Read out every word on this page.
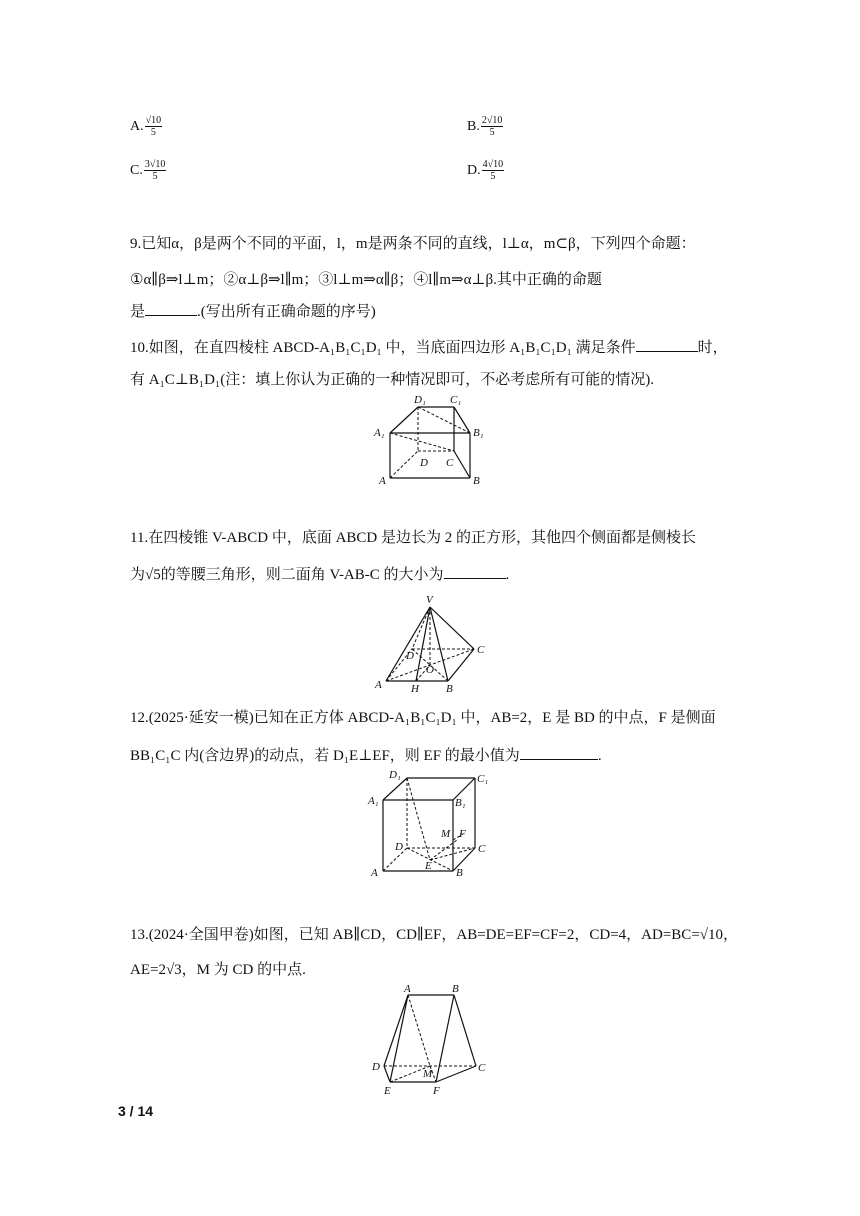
A. $\frac{√10}{5}$	B. $\frac{2√10}{5}$
C. $\frac{3√10}{5}$	D. $\frac{4√10}{5}$
9.已知α，β是两个不同的平面，l，m是两条不同的直线，l⊥α，m⊂β，下列四个命题：
①α∥β⇒l⊥m；②α⊥β⇒l∥m；③l⊥m⇒α∥β；④l∥m⇒α⊥β.其中正确的命题
是	.(写出所有正确命题的序号)
10.如图，在直四棱柱 ABCD-A₁B₁C₁D₁ 中，当底面四边形 A₁B₁C₁D₁ 满足条件	时，
有 A₁C⊥B₁D₁(注：填上你认为正确的一种情况即可，不必考虑所有可能的情况).
D₁ C₁
A₁	B₁
D C
A	B
11.在四棱锥 V-ABCD 中，底面 ABCD 是边长为 2 的正方形，其他四个侧面都是侧棱长
为√5的等腰三角形，则二面角 V-AB-C 的大小为	.
V
D	C
O
A	H B
12.(2025·延安一模)已知在正方体 ABCD-A₁B₁C₁D₁ 中，AB=2，E 是 BD 的中点，F 是侧面
BB₁C₁C 内(含边界)的动点，若 D₁E⊥EF，则 EF 的最小值为	.
D₁	C₁
A₁	B₁
M F
D	C
E
A	B
13.(2024·全国甲卷)如图，已知 AB∥CD，CD∥EF，AB=DE=EF=CF=2，CD=4，AD=BC=√10，
AE=2√3，M 为 CD 的中点.
A	B
D
M	C
E	F
3 / 14
